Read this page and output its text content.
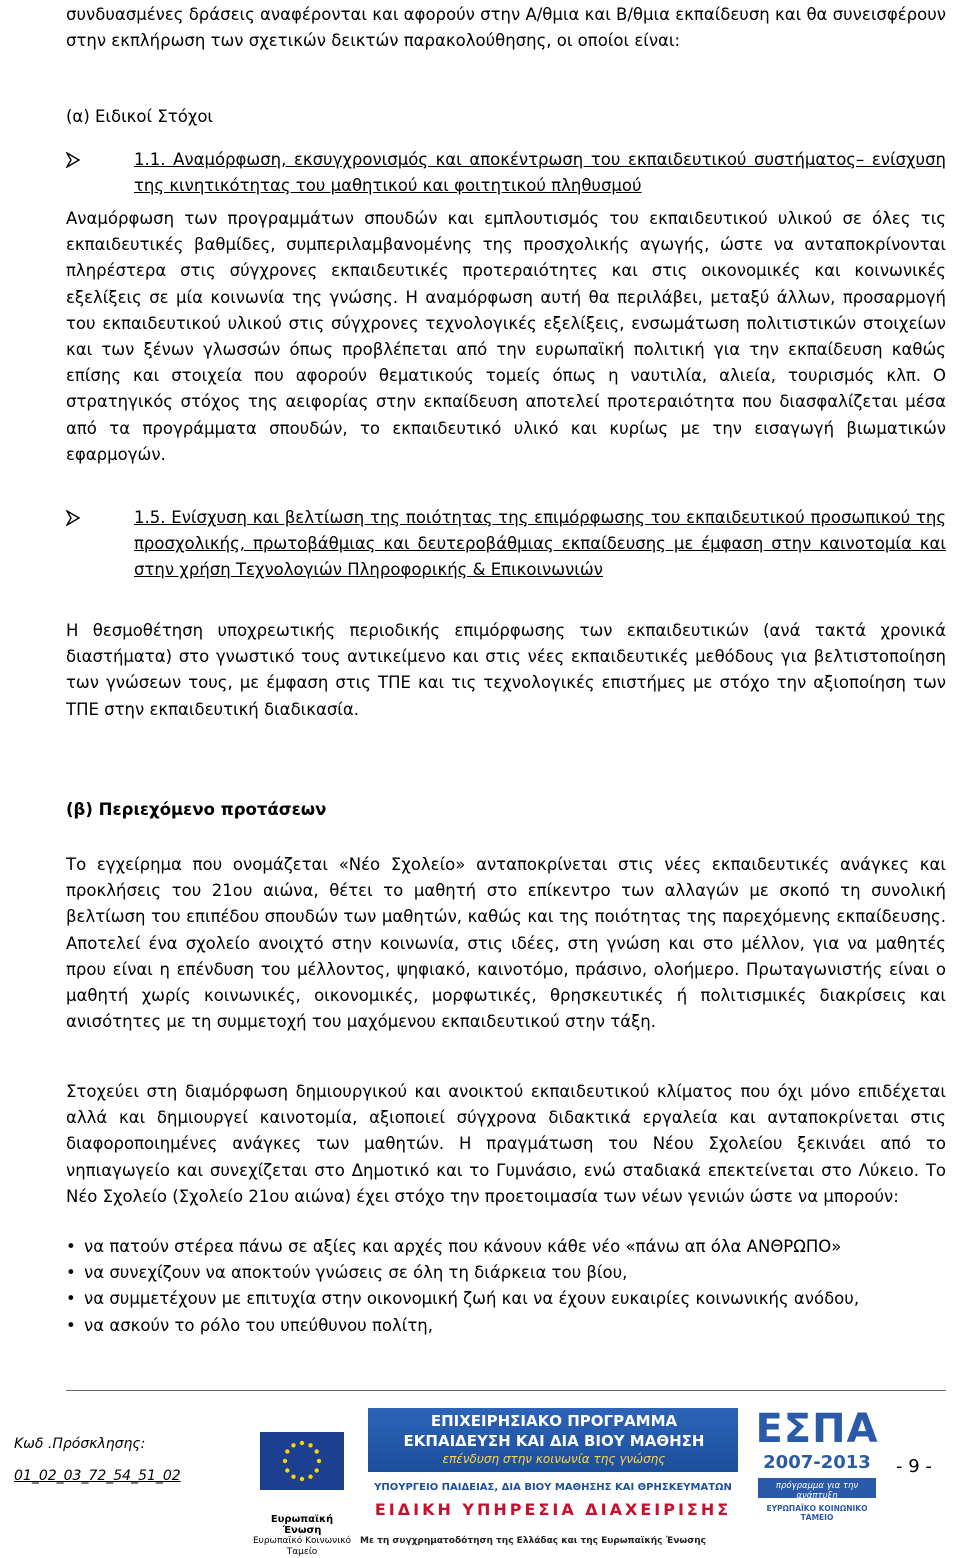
συνδυασμένες δράσεις αναφέρονται και αφορούν στην Α/θμια και Β/θμια εκπαίδευση και θα συνεισφέρουν στην εκπλήρωση των σχετικών δεικτών παρακολούθησης, οι οποίοι είναι:

(α) Ειδικοί Στόχοι
1.1. Αναμόρφωση, εκσυγχρονισμός και αποκέντρωση του εκπαιδευτικού συστήματος– ενίσχυση της κινητικότητας του μαθητικού και φοιτητικού πληθυσμού

Αναμόρφωση των προγραμμάτων σπουδών και εμπλουτισμός του εκπαιδευτικού υλικού σε όλες τις εκπαιδευτικές βαθμίδες, συμπεριλαμβανομένης της προσχολικής αγωγής, ώστε να ανταποκρίνονται πληρέστερα στις σύγχρονες εκπαιδευτικές προτεραιότητες και στις οικονομικές και κοινωνικές εξελίξεις σε μία κοινωνία της γνώσης. Η αναμόρφωση αυτή θα περιλάβει, μεταξύ άλλων, προσαρμογή του εκπαιδευτικού υλικού στις σύγχρονες τεχνολογικές εξελίξεις, ενσωμάτωση πολιτιστικών στοιχείων και των ξένων γλωσσών όπως προβλέπεται από την ευρωπαϊκή πολιτική για την εκπαίδευση καθώς επίσης και στοιχεία που αφορούν θεματικούς τομείς όπως η ναυτιλία, αλιεία, τουρισμός κλπ. Ο στρατηγικός στόχος της αειφορίας στην εκπαίδευση αποτελεί προτεραιότητα που διασφαλίζεται μέσα από τα προγράμματα σπουδών, το εκπαιδευτικό υλικό και κυρίως με την εισαγωγή βιωματικών εφαρμογών.

1.5. Ενίσχυση και βελτίωση της ποιότητας της επιμόρφωσης του εκπαιδευτικού προσωπικού της προσχολικής, πρωτοβάθμιας και δευτεροβάθμιας εκπαίδευσης με έμφαση στην καινοτομία και στην χρήση Τεχνολογιών Πληροφορικής & Επικοινωνιών

Η θεσμοθέτηση υποχρεωτικής περιοδικής επιμόρφωσης των εκπαιδευτικών (ανά τακτά χρονικά διαστήματα) στο γνωστικό τους αντικείμενο και στις νέες εκπαιδευτικές μεθόδους για βελτιστοποίηση των γνώσεων τους, με έμφαση στις ΤΠΕ και τις τεχνολογικές επιστήμες με στόχο την αξιοποίηση των ΤΠΕ στην εκπαιδευτική διαδικασία.

(β) Περιεχόμενο προτάσεων

Το εγχείρημα που ονομάζεται «Νέο Σχολείο» ανταποκρίνεται στις νέες εκπαιδευτικές ανάγκες και προκλήσεις του 21ου αιώνα, θέτει το μαθητή στο επίκεντρο των αλλαγών με σκοπό τη συνολική βελτίωση του επιπέδου σπουδών των μαθητών, καθώς και της ποιότητας της παρεχόμενης εκπαίδευσης. Αποτελεί ένα σχολείο ανοιχτό στην κοινωνία, στις ιδέες, στη γνώση και στο μέλλον, για να μαθητές πρου είναι η επένδυση του μέλλοντος, ψηφιακό, καινοτόμο, πράσινο, ολοήμερο. Πρωταγωνιστής είναι ο μαθητή χωρίς κοινωνικές, οικονομικές, μορφωτικές, θρησκευτικές ή πολιτισμικές διακρίσεις και ανισότητες με τη συμμετοχή του μαχόμενου εκπαιδευτικού στην τάξη.

Στοχεύει στη διαμόρφωση δημιουργικού και ανοικτού εκπαιδευτικού κλίματος που όχι μόνο επιδέχεται αλλά και δημιουργεί καινοτομία, αξιοποιεί σύγχρονα διδακτικά εργαλεία και ανταποκρίνεται στις διαφοροποιημένες ανάγκες των μαθητών. Η πραγμάτωση του Νέου Σχολείου ξεκινάει από το νηπιαγωγείο και συνεχίζεται στο Δημοτικό και το Γυμνάσιο, ενώ σταδιακά επεκτείνεται στο Λύκειο. Το Νέο Σχολείο (Σχολείο 21ου αιώνα) έχει στόχο την προετοιμασία των νέων γενιών ώστε να μπορούν:

• να πατούν στέρεα πάνω σε αξίες και αρχές που κάνουν κάθε νέο «πάνω απ όλα ΑΝΘΡΩΠΟ»
• να συνεχίζουν να αποκτούν γνώσεις σε όλη τη διάρκεια του βίου,
• να συμμετέχουν με επιτυχία στην οικονομική ζωή και να έχουν ευκαιρίες κοινωνικής ανόδου,
• να ασκούν το ρόλο του υπεύθυνου πολίτη,
Κωδ .Πρόσκλησης:
01_02_03_72_54_51_02
Ευρωπαϊκή Ένωση
Ευρωπαϊκό Κοινωνικό Ταμείο
ΕΠΙΧΕΙΡΗΣΙΑΚΟ ΠΡΟΓΡΑΜΜΑ
ΕΚΠΑΙΔΕΥΣΗ ΚΑΙ ΔΙΑ ΒΙΟΥ ΜΑΘΗΣΗ
επένδυση στην κοινωνία της γνώσης
ΥΠΟΥΡΓΕΙΟ ΠΑΙΔΕΙΑΣ, ΔΙΑ ΒΙΟΥ ΜΑΘΗΣΗΣ ΚΑΙ ΘΡΗΣΚΕΥΜΑΤΩΝ
ΕΙΔΙΚΗ ΥΠΗΡΕΣΙΑ ΔΙΑΧΕΙΡΙΣΗΣ
ΕΣΠΑ
2007-2013
πρόγραμμα για την ανάπτυξη
ΕΥΡΩΠΑΪΚΟ ΚΟΙΝΩΝΙΚΟ ΤΑΜΕΙΟ
Με τη συγχρηματοδότηση της Ελλάδας και της Ευρωπαϊκής Ένωσης
- 9 -
